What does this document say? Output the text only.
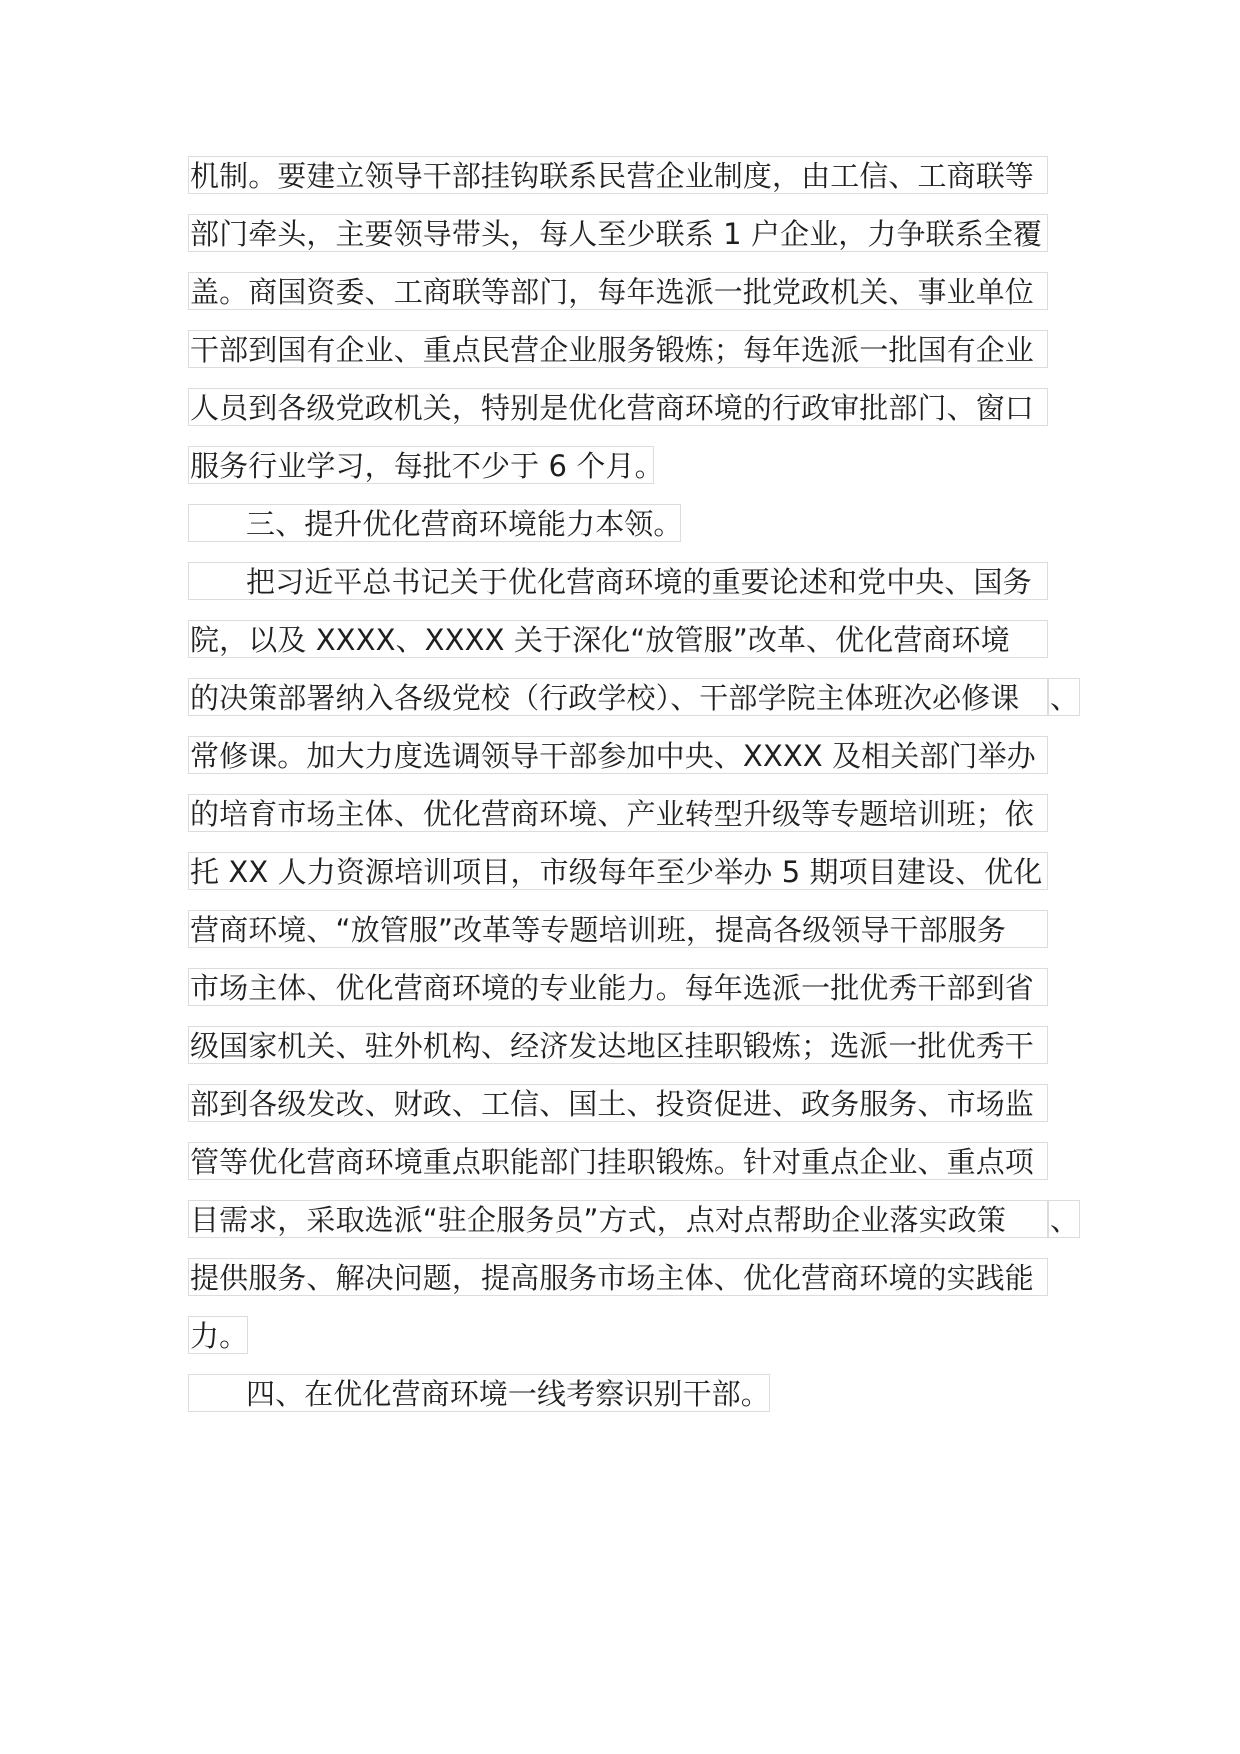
机制。要建立领导干部挂钩联系民营企业制度，由工信、工商联等
部门牵头，主要领导带头，每人至少联系 1 户企业，力争联系全覆
盖。商国资委、工商联等部门，每年选派一批党政机关、事业单位
干部到国有企业、重点民营企业服务锻炼；每年选派一批国有企业
人员到各级党政机关，特别是优化营商环境的行政审批部门、窗口
服务行业学习，每批不少于 6 个月。
三、提升优化营商环境能力本领。
把习近平总书记关于优化营商环境的重要论述和党中央、国务
院，以及 XXXX、XXXX 关于深化“放管服”改革、优化营商环境
的决策部署纳入各级党校（行政学校）、干部学院主体班次必修课	、
常修课。加大力度选调领导干部参加中央、XXXX 及相关部门举办
的培育市场主体、优化营商环境、产业转型升级等专题培训班；依
托 XX 人力资源培训项目，市级每年至少举办 5 期项目建设、优化
营商环境、“放管服”改革等专题培训班，提高各级领导干部服务
市场主体、优化营商环境的专业能力。每年选派一批优秀干部到省
级国家机关、驻外机构、经济发达地区挂职锻炼；选派一批优秀干
部到各级发改、财政、工信、国土、投资促进、政务服务、市场监
管等优化营商环境重点职能部门挂职锻炼。针对重点企业、重点项
目需求，采取选派“驻企服务员”方式，点对点帮助企业落实政策	、
提供服务、解决问题，提高服务市场主体、优化营商环境的实践能
力。
四、在优化营商环境一线考察识别干部。
